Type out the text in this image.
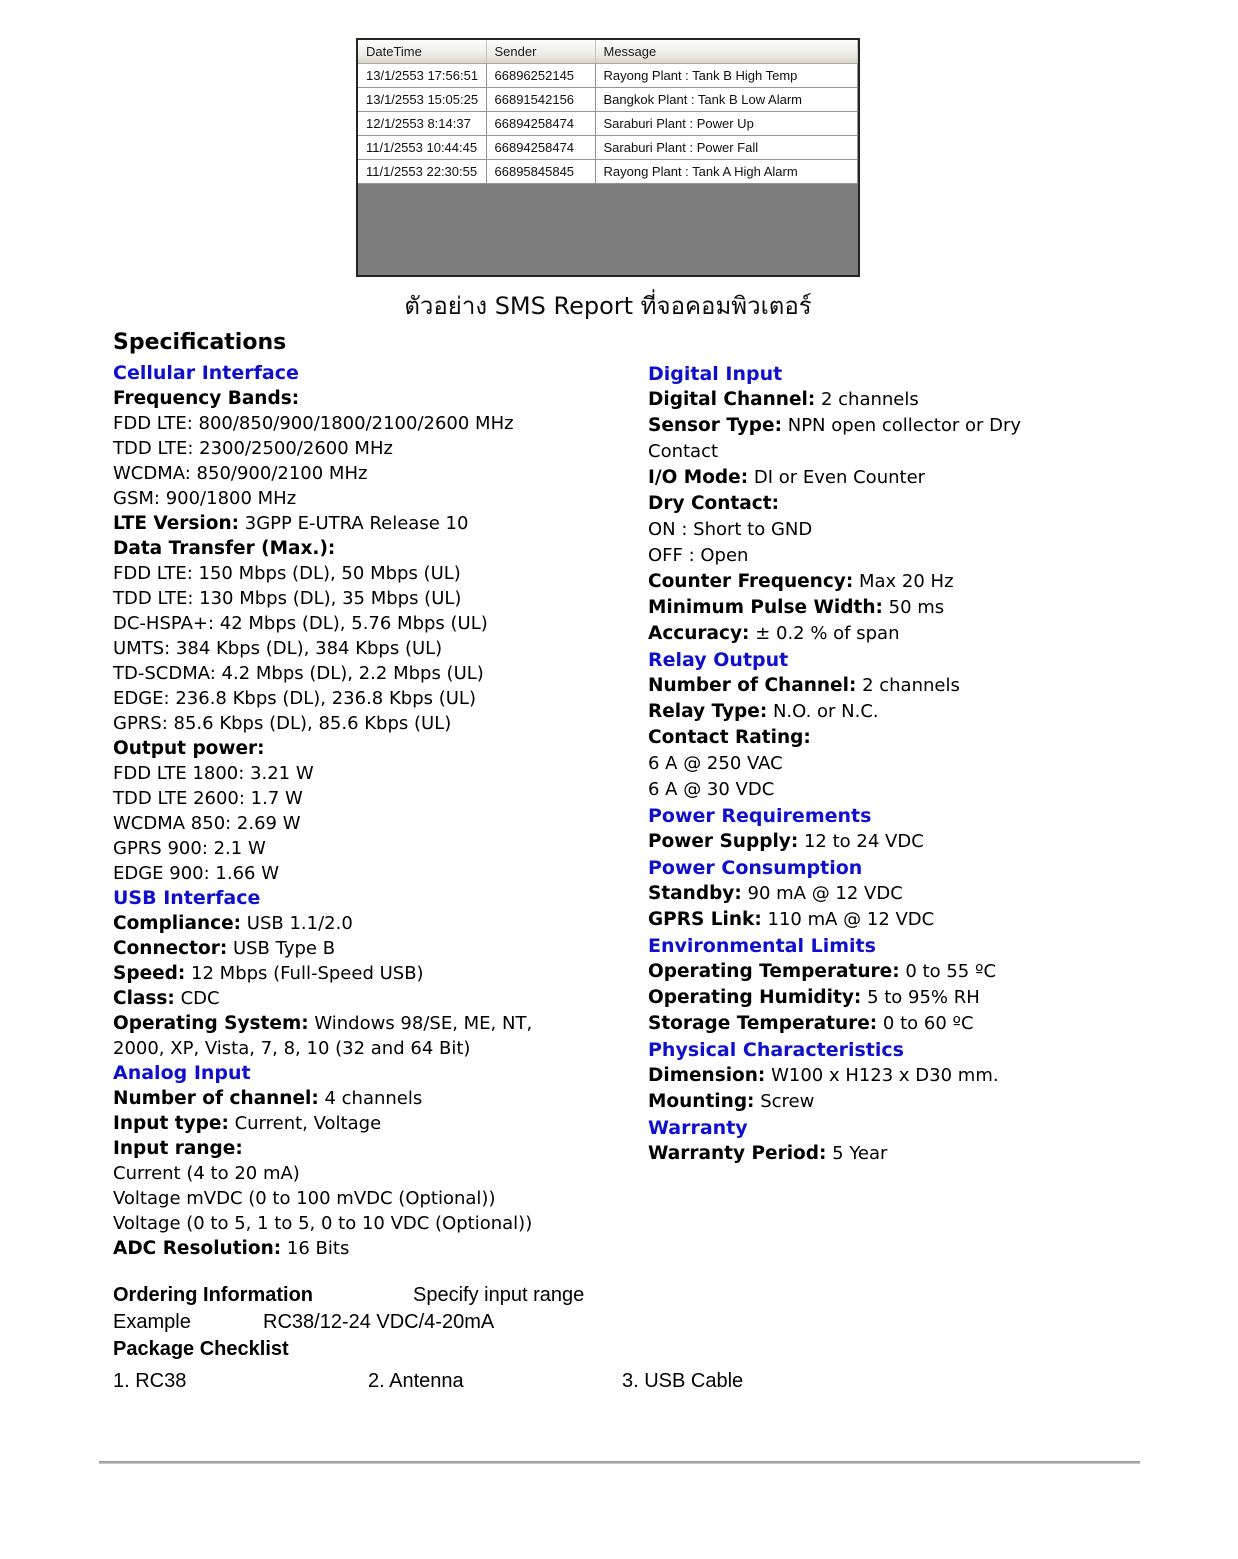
DateTime	Sender	Message
13/1/2553 17:56:51	66896252145	Rayong Plant : Tank B High Temp
13/1/2553 15:05:25	66891542156	Bangkok Plant : Tank B Low Alarm
12/1/2553 8:14:37	66894258474	Saraburi Plant : Power Up
11/1/2553 10:44:45	66894258474	Saraburi Plant : Power Fall
11/1/2553 22:30:55	66895845845	Rayong Plant : Tank A High Alarm
ตัวอย่าง SMS Report ที่จอคอมพิวเตอร์
Specifications
Cellular Interface
Frequency Bands:
FDD LTE: 800/850/900/1800/2100/2600 MHz
TDD LTE: 2300/2500/2600 MHz
WCDMA: 850/900/2100 MHz
GSM: 900/1800 MHz
LTE Version: 3GPP E-UTRA Release 10
Data Transfer (Max.):
FDD LTE: 150 Mbps (DL), 50 Mbps (UL)
TDD LTE: 130 Mbps (DL), 35 Mbps (UL)
DC-HSPA+: 42 Mbps (DL), 5.76 Mbps (UL)
UMTS: 384 Kbps (DL), 384 Kbps (UL)
TD-SCDMA: 4.2 Mbps (DL), 2.2 Mbps (UL)
EDGE: 236.8 Kbps (DL), 236.8 Kbps (UL)
GPRS: 85.6 Kbps (DL), 85.6 Kbps (UL)
Output power:
FDD LTE 1800: 3.21 W
TDD LTE 2600: 1.7 W
WCDMA 850: 2.69 W
GPRS 900: 2.1 W
EDGE 900: 1.66 W
USB Interface
Compliance: USB 1.1/2.0
Connector: USB Type B
Speed: 12 Mbps (Full-Speed USB)
Class: CDC
Operating System: Windows 98/SE, ME, NT,
2000, XP, Vista, 7, 8, 10 (32 and 64 Bit)
Analog Input
Number of channel: 4 channels
Input type: Current, Voltage
Input range:
Current (4 to 20 mA)
Voltage mVDC (0 to 100 mVDC (Optional))
Voltage (0 to 5, 1 to 5, 0 to 10 VDC (Optional))
ADC Resolution: 16 Bits
Digital Input
Digital Channel: 2 channels
Sensor Type: NPN open collector or Dry
Contact
I/O Mode: DI or Even Counter
Dry Contact:
ON : Short to GND
OFF : Open
Counter Frequency: Max 20 Hz
Minimum Pulse Width: 50 ms
Accuracy: ± 0.2 % of span
Relay Output
Number of Channel: 2 channels
Relay Type: N.O. or N.C.
Contact Rating:
6 A @ 250 VAC
6 A @ 30 VDC
Power Requirements
Power Supply: 12 to 24 VDC
Power Consumption
Standby: 90 mA @ 12 VDC
GPRS Link: 110 mA @ 12 VDC
Environmental Limits
Operating Temperature: 0 to 55 ºC
Operating Humidity: 5 to 95% RH
Storage Temperature: 0 to 60 ºC
Physical Characteristics
Dimension: W100 x H123 x D30 mm.
Mounting: Screw
Warranty
Warranty Period: 5 Year
Ordering Information	Specify input range
Example	RC38/12-24 VDC/4-20mA
Package Checklist
1. RC38	2. Antenna	3. USB Cable
